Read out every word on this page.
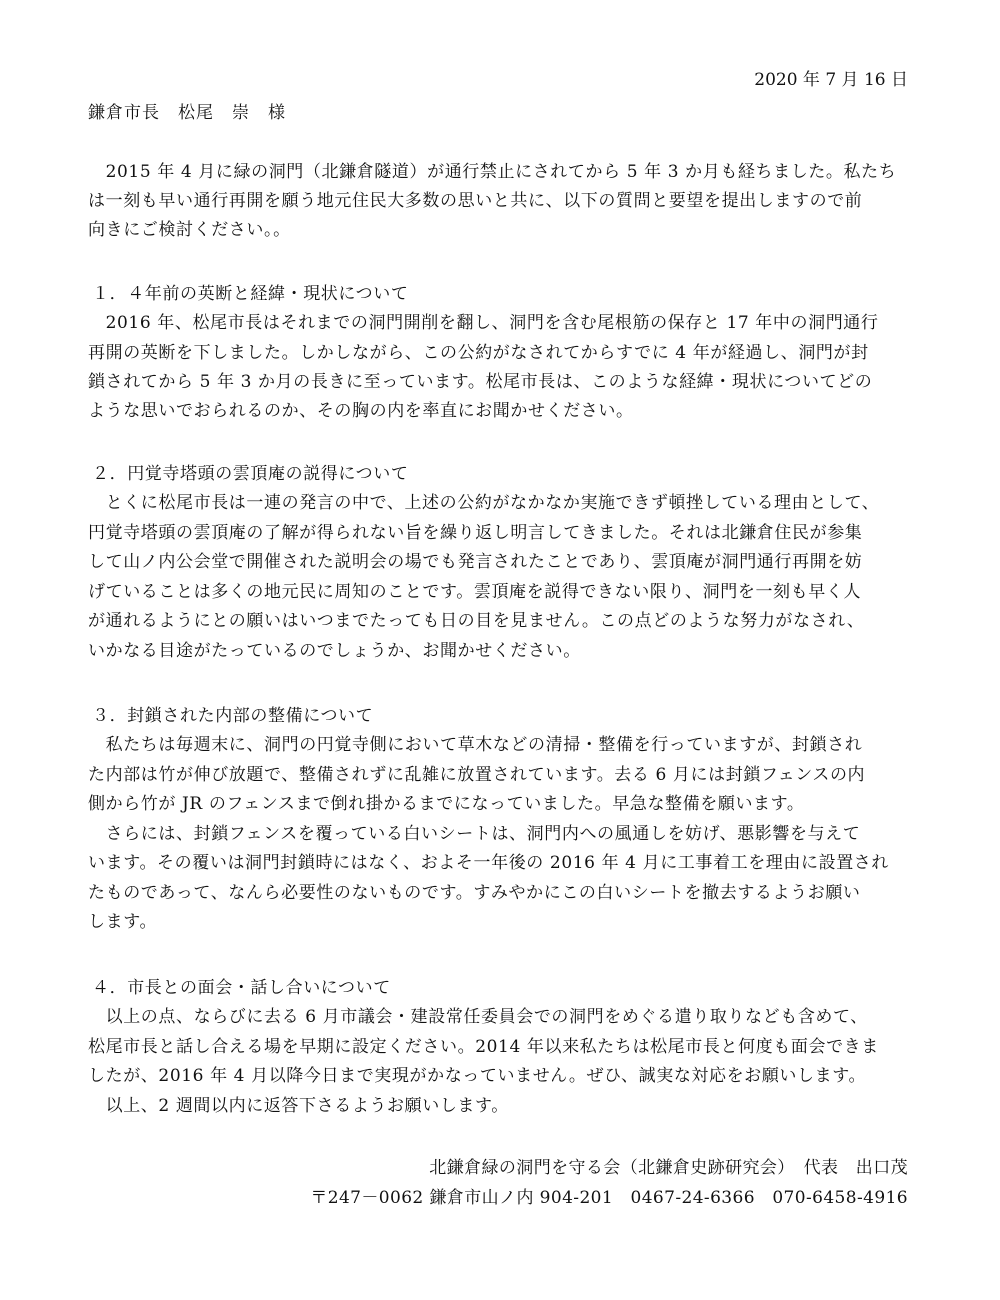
2020 年 7 月 16 日
鎌倉市長　松尾　崇　様
　2015 年 4 月に緑の洞門（北鎌倉隧道）が通行禁止にされてから 5 年 3 か月も経ちました。私たち
は一刻も早い通行再開を願う地元住民大多数の思いと共に、以下の質問と要望を提出しますので前
向きにご検討ください。。
１．４年前の英断と経緯・現状について
　2016 年、松尾市長はそれまでの洞門開削を翻し、洞門を含む尾根筋の保存と 17 年中の洞門通行
再開の英断を下しました。しかしながら、この公約がなされてからすでに 4 年が経過し、洞門が封
鎖されてから 5 年 3 か月の長きに至っています。松尾市長は、このような経緯・現状についてどの
ような思いでおられるのか、その胸の内を率直にお聞かせください。
２．円覚寺塔頭の雲頂庵の説得について
　とくに松尾市長は一連の発言の中で、上述の公約がなかなか実施できず頓挫している理由として、
円覚寺塔頭の雲頂庵の了解が得られない旨を繰り返し明言してきました。それは北鎌倉住民が参集
して山ノ内公会堂で開催された説明会の場でも発言されたことであり、雲頂庵が洞門通行再開を妨
げていることは多くの地元民に周知のことです。雲頂庵を説得できない限り、洞門を一刻も早く人
が通れるようにとの願いはいつまでたっても日の目を見ません。この点どのような努力がなされ、
いかなる目途がたっているのでしょうか、お聞かせください。
３．封鎖された内部の整備について
　私たちは毎週末に、洞門の円覚寺側において草木などの清掃・整備を行っていますが、封鎖され
た内部は竹が伸び放題で、整備されずに乱雑に放置されています。去る 6 月には封鎖フェンスの内
側から竹が JR のフェンスまで倒れ掛かるまでになっていました。早急な整備を願います。
　さらには、封鎖フェンスを覆っている白いシートは、洞門内への風通しを妨げ、悪影響を与えて
います。その覆いは洞門封鎖時にはなく、およそ一年後の 2016 年 4 月に工事着工を理由に設置され
たものであって、なんら必要性のないものです。すみやかにこの白いシートを撤去するようお願い
します。
４．市長との面会・話し合いについて
　以上の点、ならびに去る 6 月市議会・建設常任委員会での洞門をめぐる遣り取りなども含めて、
松尾市長と話し合える場を早期に設定ください。2014 年以来私たちは松尾市長と何度も面会できま
したが、2016 年 4 月以降今日まで実現がかなっていません。ぜひ、誠実な対応をお願いします。
　以上、2 週間以内に返答下さるようお願いします。
北鎌倉緑の洞門を守る会（北鎌倉史跡研究会）　代表　出口茂
〒247－0062 鎌倉市山ノ内 904-201　0467-24-6366　070-6458-4916
